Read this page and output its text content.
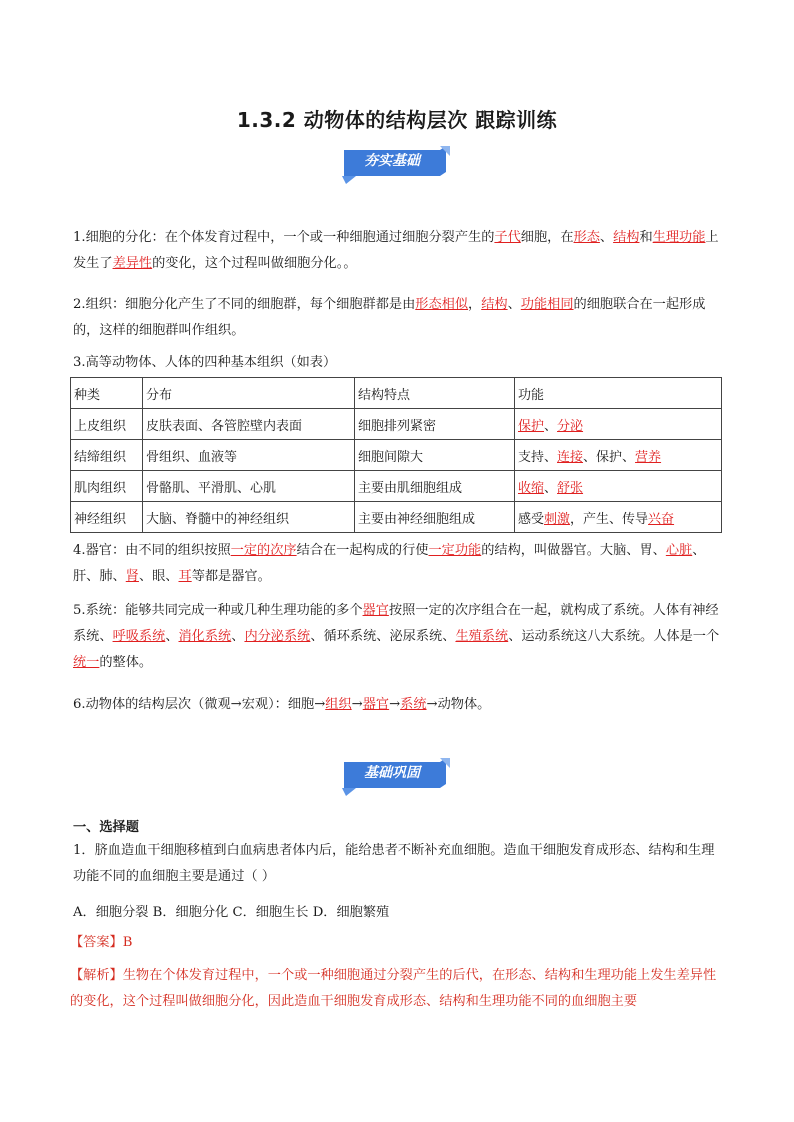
1.3.2 动物体的结构层次 跟踪训练
夯实基础
1.细胞的分化：在个体发育过程中，一个或一种细胞通过细胞分裂产生的子代细胞，在形态、结构和生理功能上发生了差异性的变化，这个过程叫做细胞分化。。
2.组织：细胞分化产生了不同的细胞群，每个细胞群都是由形态相似，结构、功能相同的细胞联合在一起形成的，这样的细胞群叫作组织。
3.高等动物体、人体的四种基本组织（如表）
种类	分布	结构特点	功能
上皮组织	皮肤表面、各管腔壁内表面	细胞排列紧密	保护、分泌
结缔组织	骨组织、血液等	细胞间隙大	支持、连接、保护、营养
肌肉组织	骨骼肌、平滑肌、心肌	主要由肌细胞组成	收缩、舒张
神经组织	大脑、脊髓中的神经组织	主要由神经细胞组成	感受刺激，产生、传导兴奋
4.器官：由不同的组织按照一定的次序结合在一起构成的行使一定功能的结构，叫做器官。大脑、胃、心脏、肝、肺、肾、眼、耳等都是器官。
5.系统：能够共同完成一种或几种生理功能的多个器官按照一定的次序组合在一起，就构成了系统。人体有神经系统、呼吸系统、消化系统、内分泌系统、循环系统、泌尿系统、生殖系统、运动系统这八大系统。人体是一个统一的整体。
6.动物体的结构层次（微观→宏观）：细胞→组织→器官→系统→动物体。
基础巩固
一、选择题
1．脐血造血干细胞移植到白血病患者体内后，能给患者不断补充血细胞。造血干细胞发育成形态、结构和生理功能不同的血细胞主要是通过（ ）
A．细胞分裂 B．细胞分化 C．细胞生长 D．细胞繁殖
【答案】B
【解析】生物在个体发育过程中，一个或一种细胞通过分裂产生的后代，在形态、结构和生理功能上发生差异性的变化，这个过程叫做细胞分化，因此造血干细胞发育成形态、结构和生理功能不同的血细胞主要
